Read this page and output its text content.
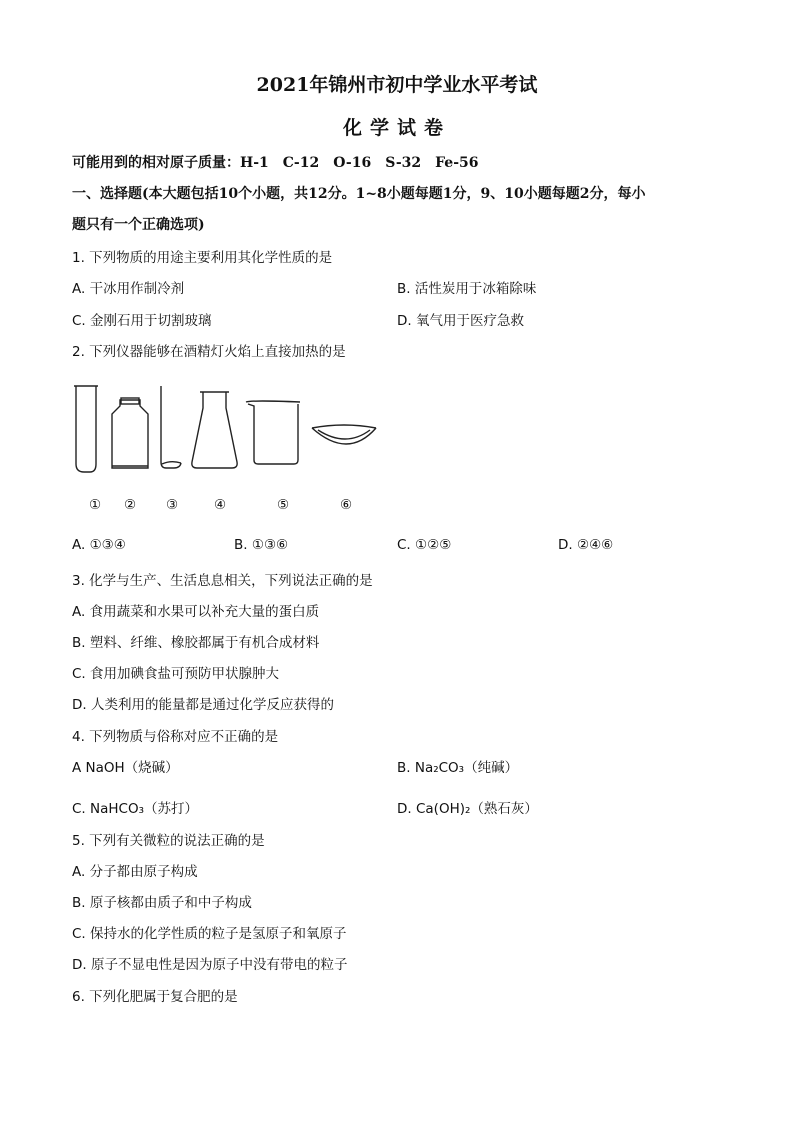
2021年锦州市初中学业水平考试
化学试卷
可能用到的相对原子质量：H-1　C-12　O-16　S-32　Fe-56
一、选择题(本大题包括10个小题，共12分。1~8小题每题1分，9、10小题每题2分，每小
题只有一个正确选项)
1. 下列物质的用途主要利用其化学性质的是
A. 干冰用作制冷剂	B. 活性炭用于冰箱除味
C. 金刚石用于切割玻璃	D. 氧气用于医疗急救
2. 下列仪器能够在酒精灯火焰上直接加热的是
① ② ③	④	⑤	⑥
A. ①③④	B. ①③⑥	C. ①②⑤	D. ②④⑥
3. 化学与生产、生活息息相关，下列说法正确的是
A. 食用蔬菜和水果可以补充大量的蛋白质
B. 塑料、纤维、橡胶都属于有机合成材料
C. 食用加碘食盐可预防甲状腺肿大
D. 人类利用的能量都是通过化学反应获得的
4. 下列物质与俗称对应不正确的是
A NaOH（烧碱）	B. Na₂CO₃（纯碱）
C. NaHCO₃（苏打）	D. Ca(OH)₂（熟石灰）
5. 下列有关微粒的说法正确的是
A. 分子都由原子构成
B. 原子核都由质子和中子构成
C. 保持水的化学性质的粒子是氢原子和氧原子
D. 原子不显电性是因为原子中没有带电的粒子
6. 下列化肥属于复合肥的是
